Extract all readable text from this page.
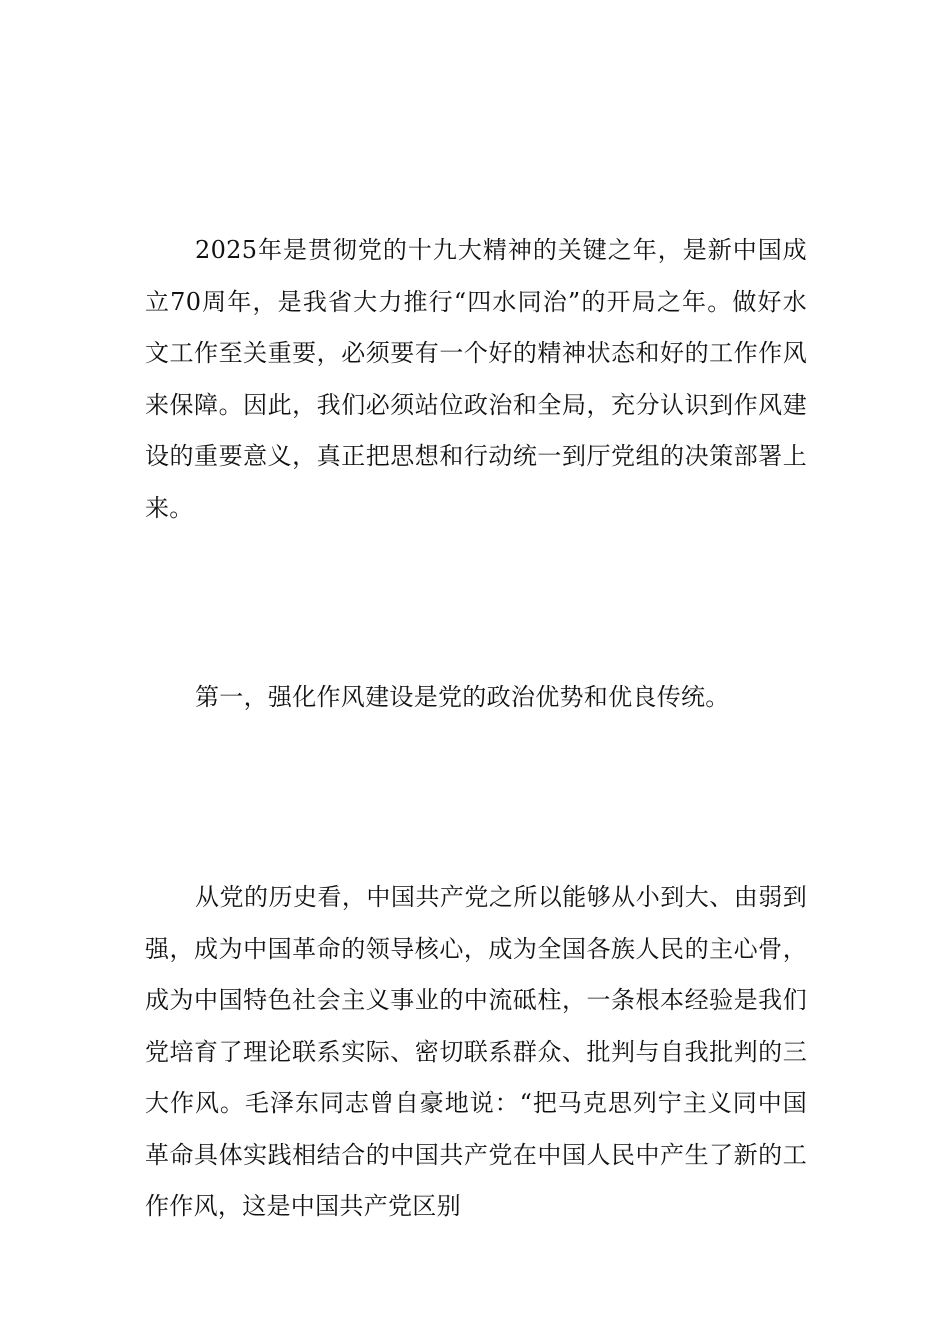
2025年是贯彻党的十九大精神的关键之年，是新中国成立70周年，是我省大力推行“四水同治”的开局之年。做好水文工作至关重要，必须要有一个好的精神状态和好的工作作风来保障。因此，我们必须站位政治和全局，充分认识到作风建设的重要意义，真正把思想和行动统一到厅党组的决策部署上来。

第一，强化作风建设是党的政治优势和优良传统。

从党的历史看，中国共产党之所以能够从小到大、由弱到强，成为中国革命的领导核心，成为全国各族人民的主心骨，成为中国特色社会主义事业的中流砥柱，一条根本经验是我们党培育了理论联系实际、密切联系群众、批判与自我批判的三大作风。毛泽东同志曾自豪地说：“把马克思列宁主义同中国革命具体实践相结合的中国共产党在中国人民中产生了新的工作作风，这是中国共产党区别
